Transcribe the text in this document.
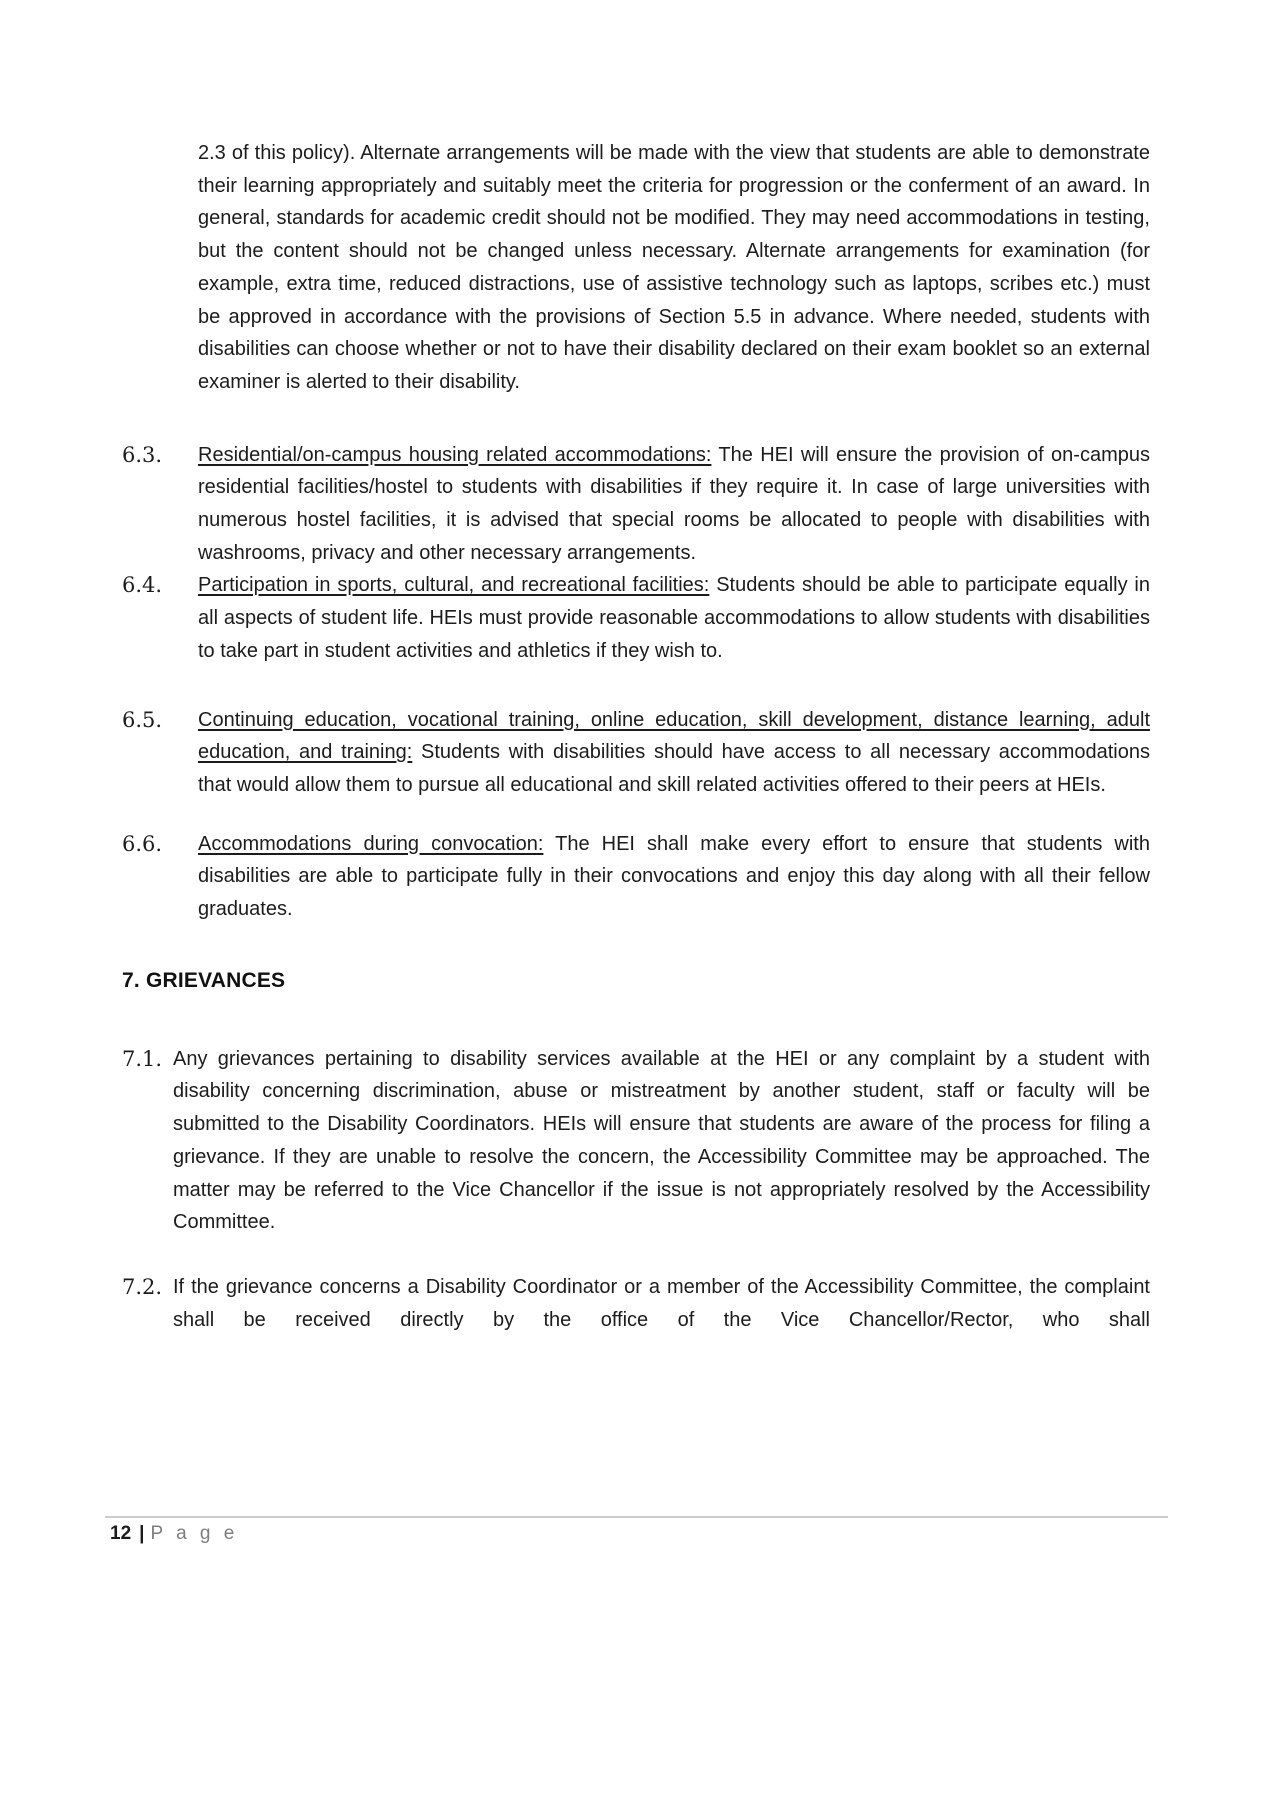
2.3 of this policy). Alternate arrangements will be made with the view that students are able to demonstrate their learning appropriately and suitably meet the criteria for progression or the conferment of an award. In general, standards for academic credit should not be modified. They may need accommodations in testing, but the content should not be changed unless necessary. Alternate arrangements for examination (for example, extra time, reduced distractions, use of assistive technology such as laptops, scribes etc.) must be approved in accordance with the provisions of Section 5.5 in advance. Where needed, students with disabilities can choose whether or not to have their disability declared on their exam booklet so an external examiner is alerted to their disability.

6.3. Residential/on-campus housing related accommodations: The HEI will ensure the provision of on-campus residential facilities/hostel to students with disabilities if they require it. In case of large universities with numerous hostel facilities, it is advised that special rooms be allocated to people with disabilities with washrooms, privacy and other necessary arrangements.

6.4. Participation in sports, cultural, and recreational facilities: Students should be able to participate equally in all aspects of student life. HEIs must provide reasonable accommodations to allow students with disabilities to take part in student activities and athletics if they wish to.

6.5. Continuing education, vocational training, online education, skill development, distance learning, adult education, and training: Students with disabilities should have access to all necessary accommodations that would allow them to pursue all educational and skill related activities offered to their peers at HEIs.

6.6. Accommodations during convocation: The HEI shall make every effort to ensure that students with disabilities are able to participate fully in their convocations and enjoy this day along with all their fellow graduates.

7. GRIEVANCES
7.1. Any grievances pertaining to disability services available at the HEI or any complaint by a student with disability concerning discrimination, abuse or mistreatment by another student, staff or faculty will be submitted to the Disability Coordinators. HEIs will ensure that students are aware of the process for filing a grievance. If they are unable to resolve the concern, the Accessibility Committee may be approached. The matter may be referred to the Vice Chancellor if the issue is not appropriately resolved by the Accessibility Committee.

7.2. If the grievance concerns a Disability Coordinator or a member of the Accessibility Committee, the complaint shall be received directly by the office of the Vice Chancellor/Rector, who shall

12 | P a g e
